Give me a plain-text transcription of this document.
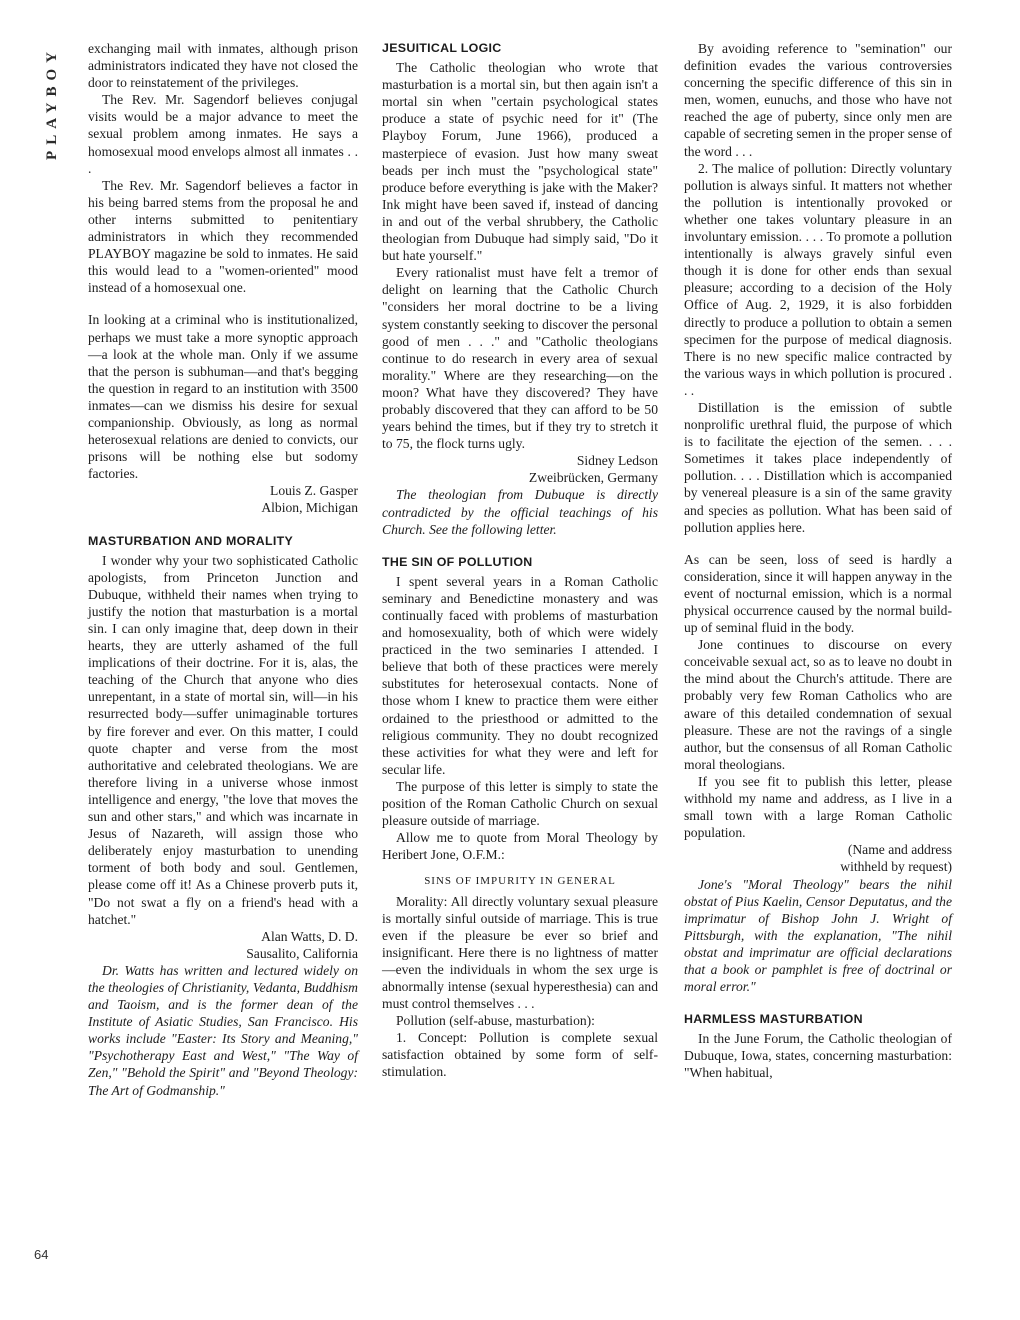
PLAYBOY
64

exchanging mail with inmates, although prison administrators indicated they have not closed the door to reinstatement of the privileges.

The Rev. Mr. Sagendorf believes conjugal visits would be a major advance to meet the sexual problem among inmates. He says a homosexual mood envelops almost all inmates . . .

The Rev. Mr. Sagendorf believes a factor in his being barred stems from the proposal he and other interns submitted to penitentiary administrators in which they recommended PLAYBOY magazine be sold to inmates. He said this would lead to a "women-oriented" mood instead of a homosexual one.

In looking at a criminal who is institutionalized, perhaps we must take a more synoptic approach—a look at the whole man. Only if we assume that the person is subhuman—and that's begging the question in regard to an institution with 3500 inmates—can we dismiss his desire for sexual companionship. Obviously, as long as normal heterosexual relations are denied to convicts, our prisons will be nothing else but sodomy factories.

Louis Z. Gasper

Albion, Michigan

MASTURBATION AND MORALITY

I wonder why your two sophisticated Catholic apologists, from Princeton Junction and Dubuque, withheld their names when trying to justify the notion that masturbation is a mortal sin. I can only imagine that, deep down in their hearts, they are utterly ashamed of the full implications of their doctrine. For it is, alas, the teaching of the Church that anyone who dies unrepentant, in a state of mortal sin, will—in his resurrected body—suffer unimaginable tortures by fire forever and ever. On this matter, I could quote chapter and verse from the most authoritative and celebrated theologians. We are therefore living in a universe whose inmost intelligence and energy, "the love that moves the sun and other stars," and which was incarnate in Jesus of Nazareth, will assign those who deliberately enjoy masturbation to unending torment of both body and soul. Gentlemen, please come off it! As a Chinese proverb puts it, "Do not swat a fly on a friend's head with a hatchet."

Alan Watts, D. D.

Sausalito, California

Dr. Watts has written and lectured widely on the theologies of Christianity, Vedanta, Buddhism and Taoism, and is the former dean of the Institute of Asiatic Studies, San Francisco. His works include "Easter: Its Story and Meaning," "Psychotherapy East and West," "The Way of Zen," "Behold the Spirit" and "Beyond Theology: The Art of Godmanship."

JESUITICAL LOGIC

The Catholic theologian who wrote that masturbation is a mortal sin, but then again isn't a mortal sin when "certain psychological states produce a state of psychic need for it" (The Playboy Forum, June 1966), produced a masterpiece of evasion. Just how many sweat beads per inch must the "psychological state" produce before everything is jake with the Maker? Ink might have been saved if, instead of dancing in and out of the verbal shrubbery, the Catholic theologian from Dubuque had simply said, "Do it but hate yourself."

Every rationalist must have felt a tremor of delight on learning that the Catholic Church "considers her moral doctrine to be a living system constantly seeking to discover the personal good of men . . ." and "Catholic theologians continue to do research in every area of sexual morality." Where are they researching—on the moon? What have they discovered? They have probably discovered that they can afford to be 50 years behind the times, but if they try to stretch it to 75, the flock turns ugly.

Sidney Ledson

Zweibrücken, Germany

The theologian from Dubuque is directly contradicted by the official teachings of his Church. See the following letter.

THE SIN OF POLLUTION

I spent several years in a Roman Catholic seminary and Benedictine monastery and was continually faced with problems of masturbation and homosexuality, both of which were widely practiced in the two seminaries I attended. I believe that both of these practices were merely substitutes for heterosexual contacts. None of those whom I knew to practice them were either ordained to the priesthood or admitted to the religious community. They no doubt recognized these activities for what they were and left for secular life.

The purpose of this letter is simply to state the position of the Roman Catholic Church on sexual pleasure outside of marriage.

Allow me to quote from Moral Theology by Heribert Jone, O.F.M.:

SINS OF IMPURITY IN GENERAL

Morality: All directly voluntary sexual pleasure is mortally sinful outside of marriage. This is true even if the pleasure be ever so brief and insignificant. Here there is no lightness of matter—even the individuals in whom the sex urge is abnormally intense (sexual hyperesthesia) can and must control themselves . . .

Pollution (self-abuse, masturbation):

1. Concept: Pollution is complete sexual satisfaction obtained by some form of self-stimulation.

By avoiding reference to "semination" our definition evades the various controversies concerning the specific difference of this sin in men, women, eunuchs, and those who have not reached the age of puberty, since only men are capable of secreting semen in the proper sense of the word . . .

2. The malice of pollution: Directly voluntary pollution is always sinful. It matters not whether the pollution is intentionally provoked or whether one takes voluntary pleasure in an involuntary emission. . . . To promote a pollution intentionally is always gravely sinful even though it is done for other ends than sexual pleasure; according to a decision of the Holy Office of Aug. 2, 1929, it is also forbidden directly to produce a pollution to obtain a semen specimen for the purpose of medical diagnosis. There is no new specific malice contracted by the various ways in which pollution is procured . . .

Distillation is the emission of subtle nonprolific urethral fluid, the purpose of which is to facilitate the ejection of the semen. . . . Sometimes it takes place independently of pollution. . . . Distillation which is accompanied by venereal pleasure is a sin of the same gravity and species as pollution. What has been said of pollution applies here.

As can be seen, loss of seed is hardly a consideration, since it will happen anyway in the event of nocturnal emission, which is a normal physical occurrence caused by the normal build-up of seminal fluid in the body.

Jone continues to discourse on every conceivable sexual act, so as to leave no doubt in the mind about the Church's attitude. There are probably very few Roman Catholics who are aware of this detailed condemnation of sexual pleasure. These are not the ravings of a single author, but the consensus of all Roman Catholic moral theologians.

If you see fit to publish this letter, please withhold my name and address, as I live in a small town with a large Roman Catholic population.

(Name and address

withheld by request)

Jone's "Moral Theology" bears the nihil obstat of Pius Kaelin, Censor Deputatus, and the imprimatur of Bishop John J. Wright of Pittsburgh, with the explanation, "The nihil obstat and imprimatur are official declarations that a book or pamphlet is free of doctrinal or moral error."

HARMLESS MASTURBATION

In the June Forum, the Catholic theologian of Dubuque, Iowa, states, concerning masturbation: "When habitual,
